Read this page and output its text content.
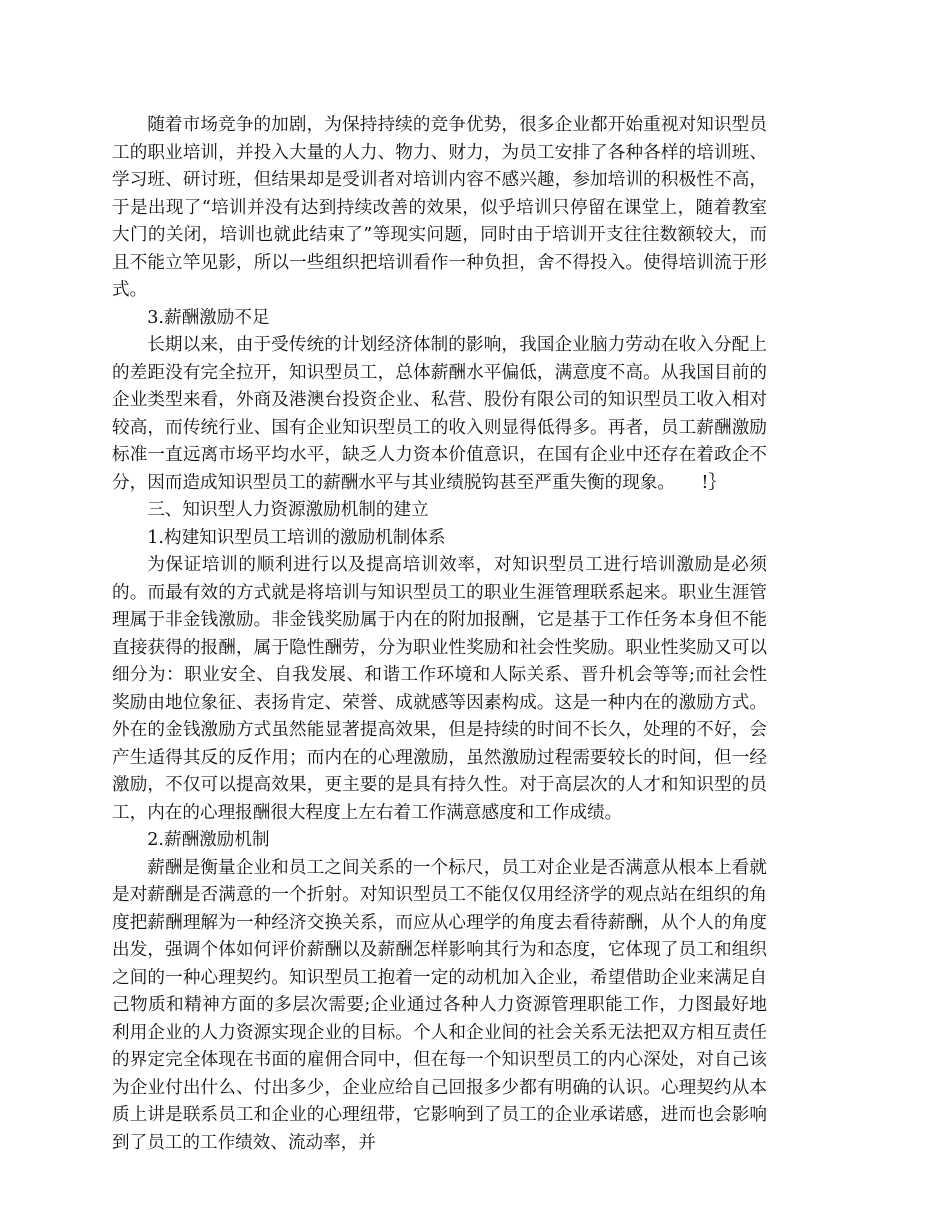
随着市场竞争的加剧，为保持持续的竞争优势，很多企业都开始重视对知识型员工的职业培训，并投入大量的人力、物力、财力，为员工安排了各种各样的培训班、学习班、研讨班，但结果却是受训者对培训内容不感兴趣，参加培训的积极性不高，于是出现了“培训并没有达到持续改善的效果，似乎培训只停留在课堂上，随着教室大门的关闭，培训也就此结束了”等现实问题，同时由于培训开支往往数额较大，而且不能立竿见影，所以一些组织把培训看作一种负担，舍不得投入。使得培训流于形式。

3.薪酬激励不足

长期以来，由于受传统的计划经济体制的影响，我国企业脑力劳动在收入分配上的差距没有完全拉开，知识型员工，总体薪酬水平偏低，满意度不高。从我国目前的企业类型来看，外商及港澳台投资企业、私营、股份有限公司的知识型员工收入相对较高，而传统行业、国有企业知识型员工的收入则显得低得多。再者，员工薪酬激励标准一直远离市场平均水平，缺乏人力资本价值意识，在国有企业中还存在着政企不分，因而造成知识型员工的薪酬水平与其业绩脱钩甚至严重失衡的现象。　　!｝

三、知识型人力资源激励机制的建立

1.构建知识型员工培训的激励机制体系

为保证培训的顺利进行以及提高培训效率，对知识型员工进行培训激励是必须的。而最有效的方式就是将培训与知识型员工的职业生涯管理联系起来。职业生涯管理属于非金钱激励。非金钱奖励属于内在的附加报酬，它是基于工作任务本身但不能直接获得的报酬，属于隐性酬劳，分为职业性奖励和社会性奖励。职业性奖励又可以细分为：职业安全、自我发展、和谐工作环境和人际关系、晋升机会等等;而社会性奖励由地位象征、表扬肯定、荣誉、成就感等因素构成。这是一种内在的激励方式。外在的金钱激励方式虽然能显著提高效果，但是持续的时间不长久，处理的不好，会产生适得其反的反作用；而内在的心理激励，虽然激励过程需要较长的时间，但一经激励，不仅可以提高效果，更主要的是具有持久性。对于高层次的人才和知识型的员工，内在的心理报酬很大程度上左右着工作满意感度和工作成绩。

2.薪酬激励机制

薪酬是衡量企业和员工之间关系的一个标尺，员工对企业是否满意从根本上看就是对薪酬是否满意的一个折射。对知识型员工不能仅仅用经济学的观点站在组织的角度把薪酬理解为一种经济交换关系，而应从心理学的角度去看待薪酬，从个人的角度出发，强调个体如何评价薪酬以及薪酬怎样影响其行为和态度，它体现了员工和组织之间的一种心理契约。知识型员工抱着一定的动机加入企业，希望借助企业来满足自己物质和精神方面的多层次需要;企业通过各种人力资源管理职能工作，力图最好地利用企业的人力资源实现企业的目标。个人和企业间的社会关系无法把双方相互责任的界定完全体现在书面的雇佣合同中，但在每一个知识型员工的内心深处，对自己该为企业付出什么、付出多少，企业应给自己回报多少都有明确的认识。心理契约从本质上讲是联系员工和企业的心理纽带，它影响到了员工的企业承诺感，进而也会影响到了员工的工作绩效、流动率，并
